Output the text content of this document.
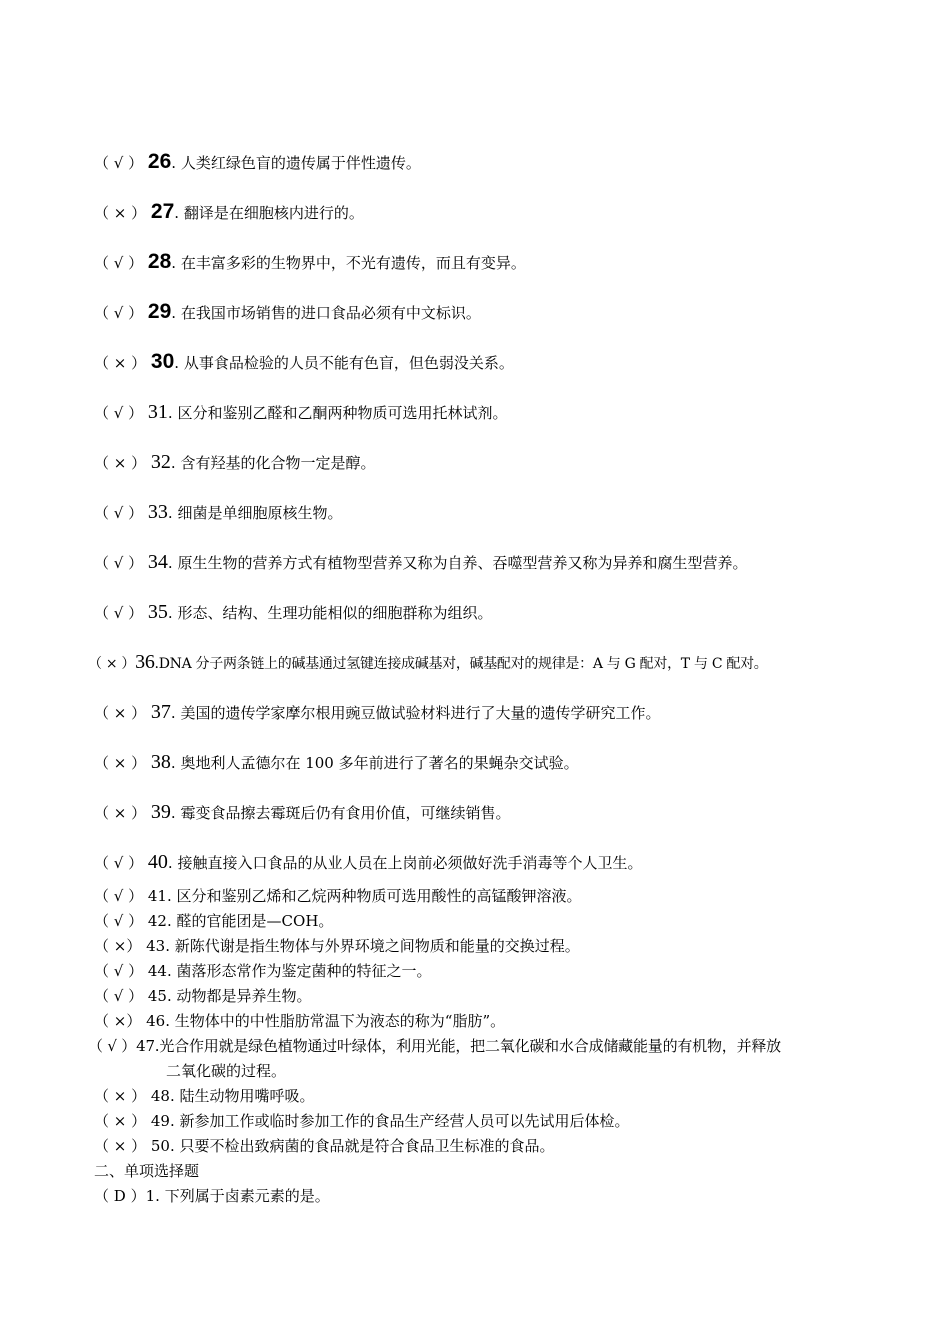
（ √ ） 26. 人类红绿色盲的遗传属于伴性遗传。
（ × ） 27. 翻译是在细胞核内进行的。
（ √ ） 28. 在丰富多彩的生物界中，不光有遗传，而且有变异。
（ √ ） 29. 在我国市场销售的进口食品必须有中文标识。
（ × ） 30. 从事食品检验的人员不能有色盲，但色弱没关系。
（ √ ） 31. 区分和鉴别乙醛和乙酮两种物质可选用托林试剂。
（ × ） 32. 含有羟基的化合物一定是醇。
（ √ ） 33. 细菌是单细胞原核生物。
（ √ ） 34. 原生生物的营养方式有植物型营养又称为自养、吞噬型营养又称为异养和腐生型营养。
（ √ ） 35. 形态、结构、生理功能相似的细胞群称为组织。
（ × ）36.DNA 分子两条链上的碱基通过氢键连接成碱基对，碱基配对的规律是：A 与 G 配对，T 与 C 配对。
（ × ） 37. 美国的遗传学家摩尔根用豌豆做试验材料进行了大量的遗传学研究工作。
（ × ） 38. 奥地利人孟德尔在 100 多年前进行了著名的果蝇杂交试验。
（ × ） 39. 霉变食品擦去霉斑后仍有食用价值，可继续销售。
（ √ ） 40. 接触直接入口食品的从业人员在上岗前必须做好洗手消毒等个人卫生。
（ √ ） 41. 区分和鉴别乙烯和乙烷两种物质可选用酸性的高锰酸钾溶液。
（ √ ） 42. 醛的官能团是—COH。
（ ×） 43. 新陈代谢是指生物体与外界环境之间物质和能量的交换过程。
（ √ ） 44. 菌落形态常作为鉴定菌种的特征之一。
（ √ ） 45. 动物都是异养生物。
（ ×） 46. 生物体中的中性脂肪常温下为液态的称为“脂肪”。
（ √ ）47.光合作用就是绿色植物通过叶绿体，利用光能，把二氧化碳和水合成储藏能量的有机物，并释放
二氧化碳的过程。
（ × ） 48. 陆生动物用嘴呼吸。
（ × ） 49. 新参加工作或临时参加工作的食品生产经营人员可以先试用后体检。
（ × ） 50. 只要不检出致病菌的食品就是符合食品卫生标准的食品。
二、单项选择题
（ D ）1. 下列属于卤素元素的是。
